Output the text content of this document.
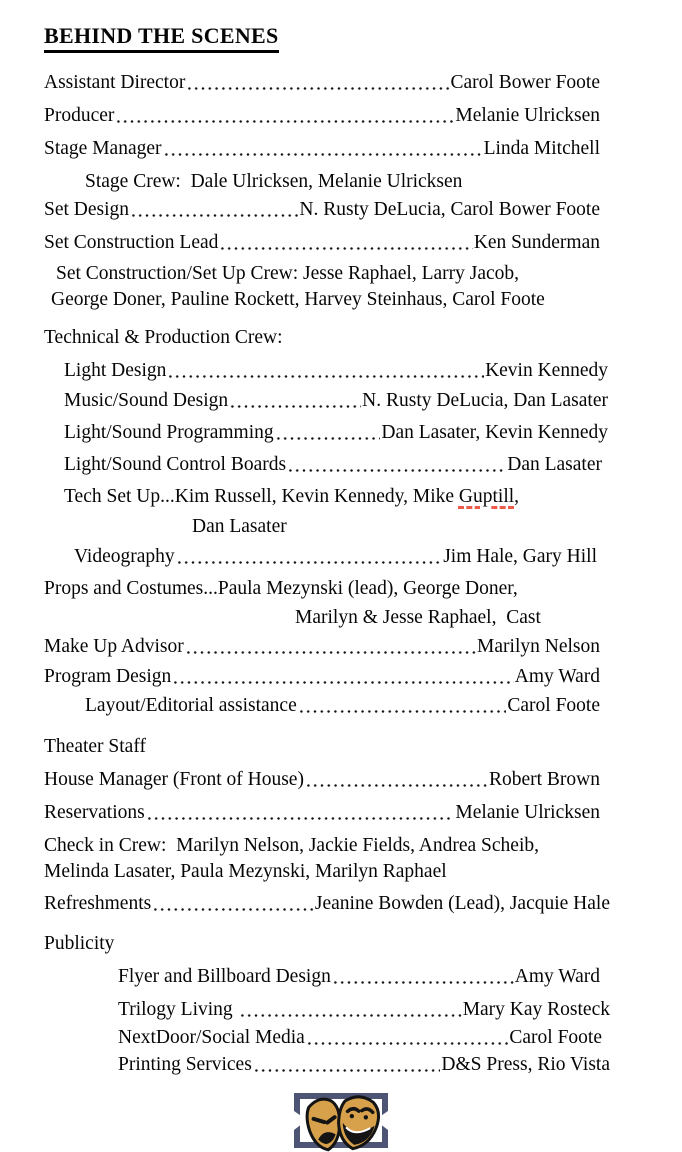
BEHIND THE SCENES
Assistant Director	Carol Bower Foote
Producer	Melanie Ulricksen
Stage Manager	Linda Mitchell
Stage Crew:  Dale Ulricksen, Melanie Ulricksen
Set Design	N. Rusty DeLucia, Carol Bower Foote
Set Construction Lead	Ken Sunderman
Set Construction/Set Up Crew: Jesse Raphael, Larry Jacob,
George Doner, Pauline Rockett, Harvey Steinhaus, Carol Foote
Technical & Production Crew:
Light Design	Kevin Kennedy
Music/Sound Design	N. Rusty DeLucia, Dan Lasater
Light/Sound Programming	Dan Lasater, Kevin Kennedy
Light/Sound Control Boards	Dan Lasater
Tech Set Up...Kim Russell, Kevin Kennedy, Mike Guptill,
Dan Lasater
Videography	Jim Hale, Gary Hill
Props and Costumes...Paula Mezynski (lead), George Doner,
Marilyn & Jesse Raphael,  Cast
Make Up Advisor	Marilyn Nelson
Program Design	Amy Ward
Layout/Editorial assistance	Carol Foote
Theater Staff
House Manager (Front of House)	Robert Brown
Reservations	Melanie Ulricksen
Check in Crew:  Marilyn Nelson, Jackie Fields, Andrea Scheib,
Melinda Lasater, Paula Mezynski, Marilyn Raphael
Refreshments	Jeanine Bowden (Lead), Jacquie Hale
Publicity
Flyer and Billboard Design	Amy Ward
Trilogy Living	Mary Kay Rosteck
NextDoor/Social Media	Carol Foote
Printing Services	D&S Press, Rio Vista
